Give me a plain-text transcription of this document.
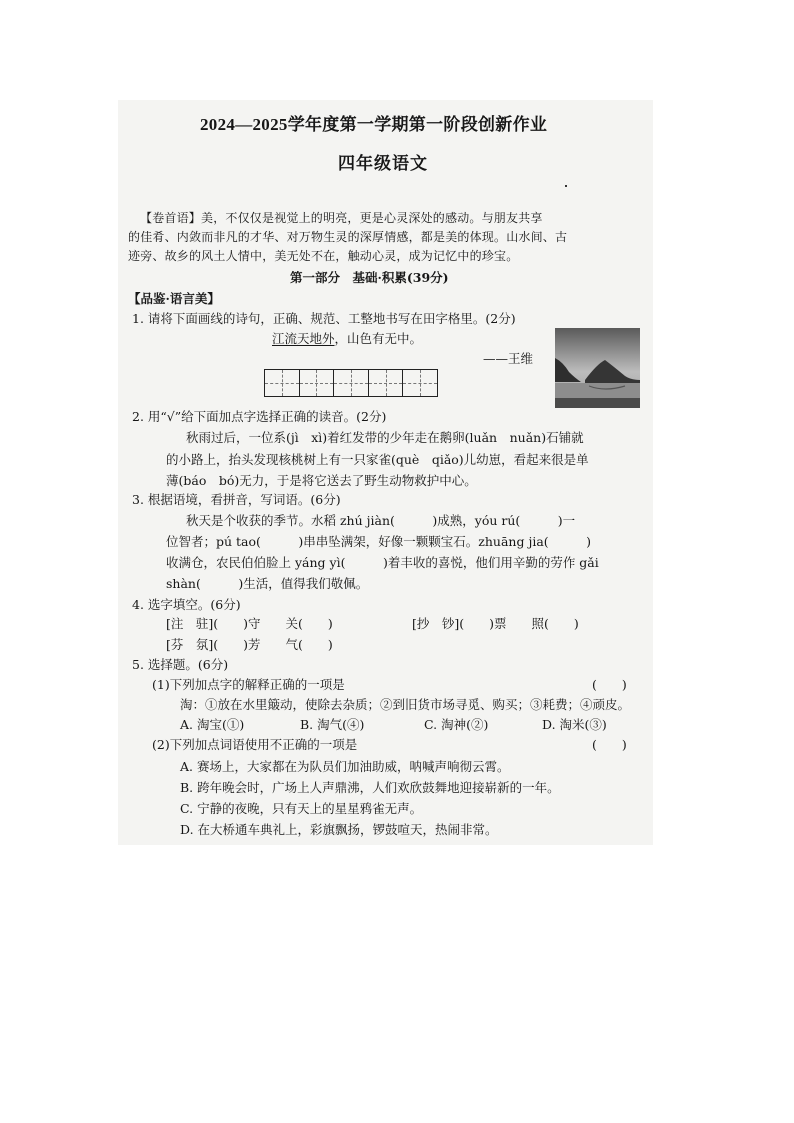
2024—2025学年度第一学期第一阶段创新作业
四年级语文
【卷首语】美，不仅仅是视觉上的明亮，更是心灵深处的感动。与朋友共享
的佳肴、内敛而非凡的才华、对万物生灵的深厚情感，都是美的体现。山水间、古
迹旁、故乡的风土人情中，美无处不在，触动心灵，成为记忆中的珍宝。
第一部分　基础·积累(39分)
【品鉴·语言美】
1. 请将下面画线的诗句，正确、规范、工整地书写在田字格里。(2分)
江流天地外，山色有无中。
——王维
2. 用“√”给下面加点字选择正确的读音。(2分)
秋雨过后，一位系(jì　xì)着红发带的少年走在鹅卵(luǎn　nuǎn)石铺就
的小路上，抬头发现核桃树上有一只家雀(què　qiǎo)儿幼崽，看起来很是单
薄(báo　bó)无力，于是将它送去了野生动物救护中心。
3. 根据语境，看拼音，写词语。(6分)
秋天是个收获的季节。水稻 zhú jiàn(　　　)成熟，yóu rú(　　　)一
位智者；pú tao(　　　)串串坠满架，好像一颗颗宝石。zhuāng jia(　　　)
收满仓，农民伯伯脸上 yáng yì(　　　)着丰收的喜悦，他们用辛勤的劳作 gǎi
shàn(　　　)生活，值得我们敬佩。
4. 选字填空。(6分)
[注　驻](　　)守　　关(　　)	[抄　钞](　　)票　　照(　　)
[芬　氛](　　)芳　　气(　　)
5. 选择题。(6分)
(1)下列加点字的解释正确的一项是	(　　)
淘：①放在水里簸动，使除去杂质；②到旧货市场寻觅、购买；③耗费；④顽皮。
A. 淘宝(①)	B. 淘气(④)	C. 淘神(②)	D. 淘米(③)
(2)下列加点词语使用不正确的一项是	(　　)
A. 赛场上，大家都在为队员们加油助威，呐喊声响彻云霄。
B. 跨年晚会时，广场上人声鼎沸，人们欢欣鼓舞地迎接崭新的一年。
C. 宁静的夜晚，只有天上的星星鸦雀无声。
D. 在大桥通车典礼上，彩旗飘扬，锣鼓喧天，热闹非常。
